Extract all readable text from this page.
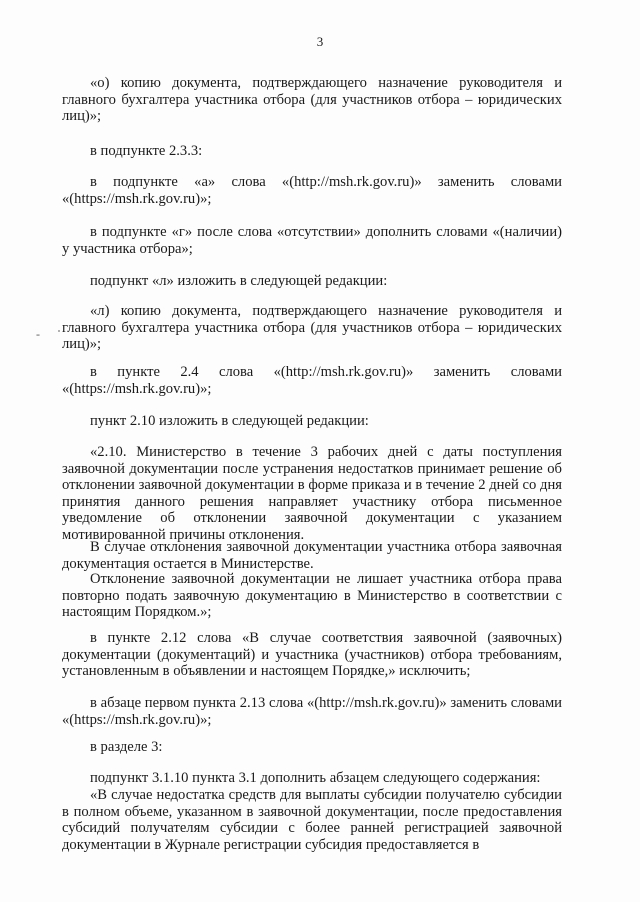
3

«о) копию документа, подтверждающего назначение руководителя и главного бухгалтера участника отбора (для участников отбора – юридических лиц)»;

в подпункте 2.3.3:

в подпункте «а» слова «(http://msh.rk.gov.ru)» заменить словами «(https://msh.rk.gov.ru)»;

в подпункте «г» после слова «отсутствии» дополнить словами «(наличии) у участника отбора»;

подпункт «л» изложить в следующей редакции:

«л) копию документа, подтверждающего назначение руководителя и главного бухгалтера участника отбора (для участников отбора – юридических лиц)»;

в пункте 2.4 слова «(http://msh.rk.gov.ru)» заменить словами «(https://msh.rk.gov.ru)»;

пункт 2.10 изложить в следующей редакции:

«2.10. Министерство в течение 3 рабочих дней с даты поступления заявочной документации после устранения недостатков принимает решение об отклонении заявочной документации в форме приказа и в течение 2 дней со дня принятия данного решения направляет участнику отбора письменное уведомление об отклонении заявочной документации с указанием мотивированной причины отклонения.

В случае отклонения заявочной документации участника отбора заявочная документация остается в Министерстве.

Отклонение заявочной документации не лишает участника отбора права повторно подать заявочную документацию в Министерство в соответствии с настоящим Порядком.»;

в пункте 2.12 слова «В случае соответствия заявочной (заявочных) документации (документаций) и участника (участников) отбора требованиям, установленным в объявлении и настоящем Порядке,» исключить;

в абзаце первом пункта 2.13 слова «(http://msh.rk.gov.ru)» заменить словами «(https://msh.rk.gov.ru)»;

в разделе 3:

подпункт 3.1.10 пункта 3.1 дополнить абзацем следующего содержания:

«В случае недостатка средств для выплаты субсидии получателю субсидии в полном объеме, указанном в заявочной документации, после предоставления субсидий получателям субсидии с более ранней регистрацией заявочной документации в Журнале регистрации субсидия предоставляется в

-
